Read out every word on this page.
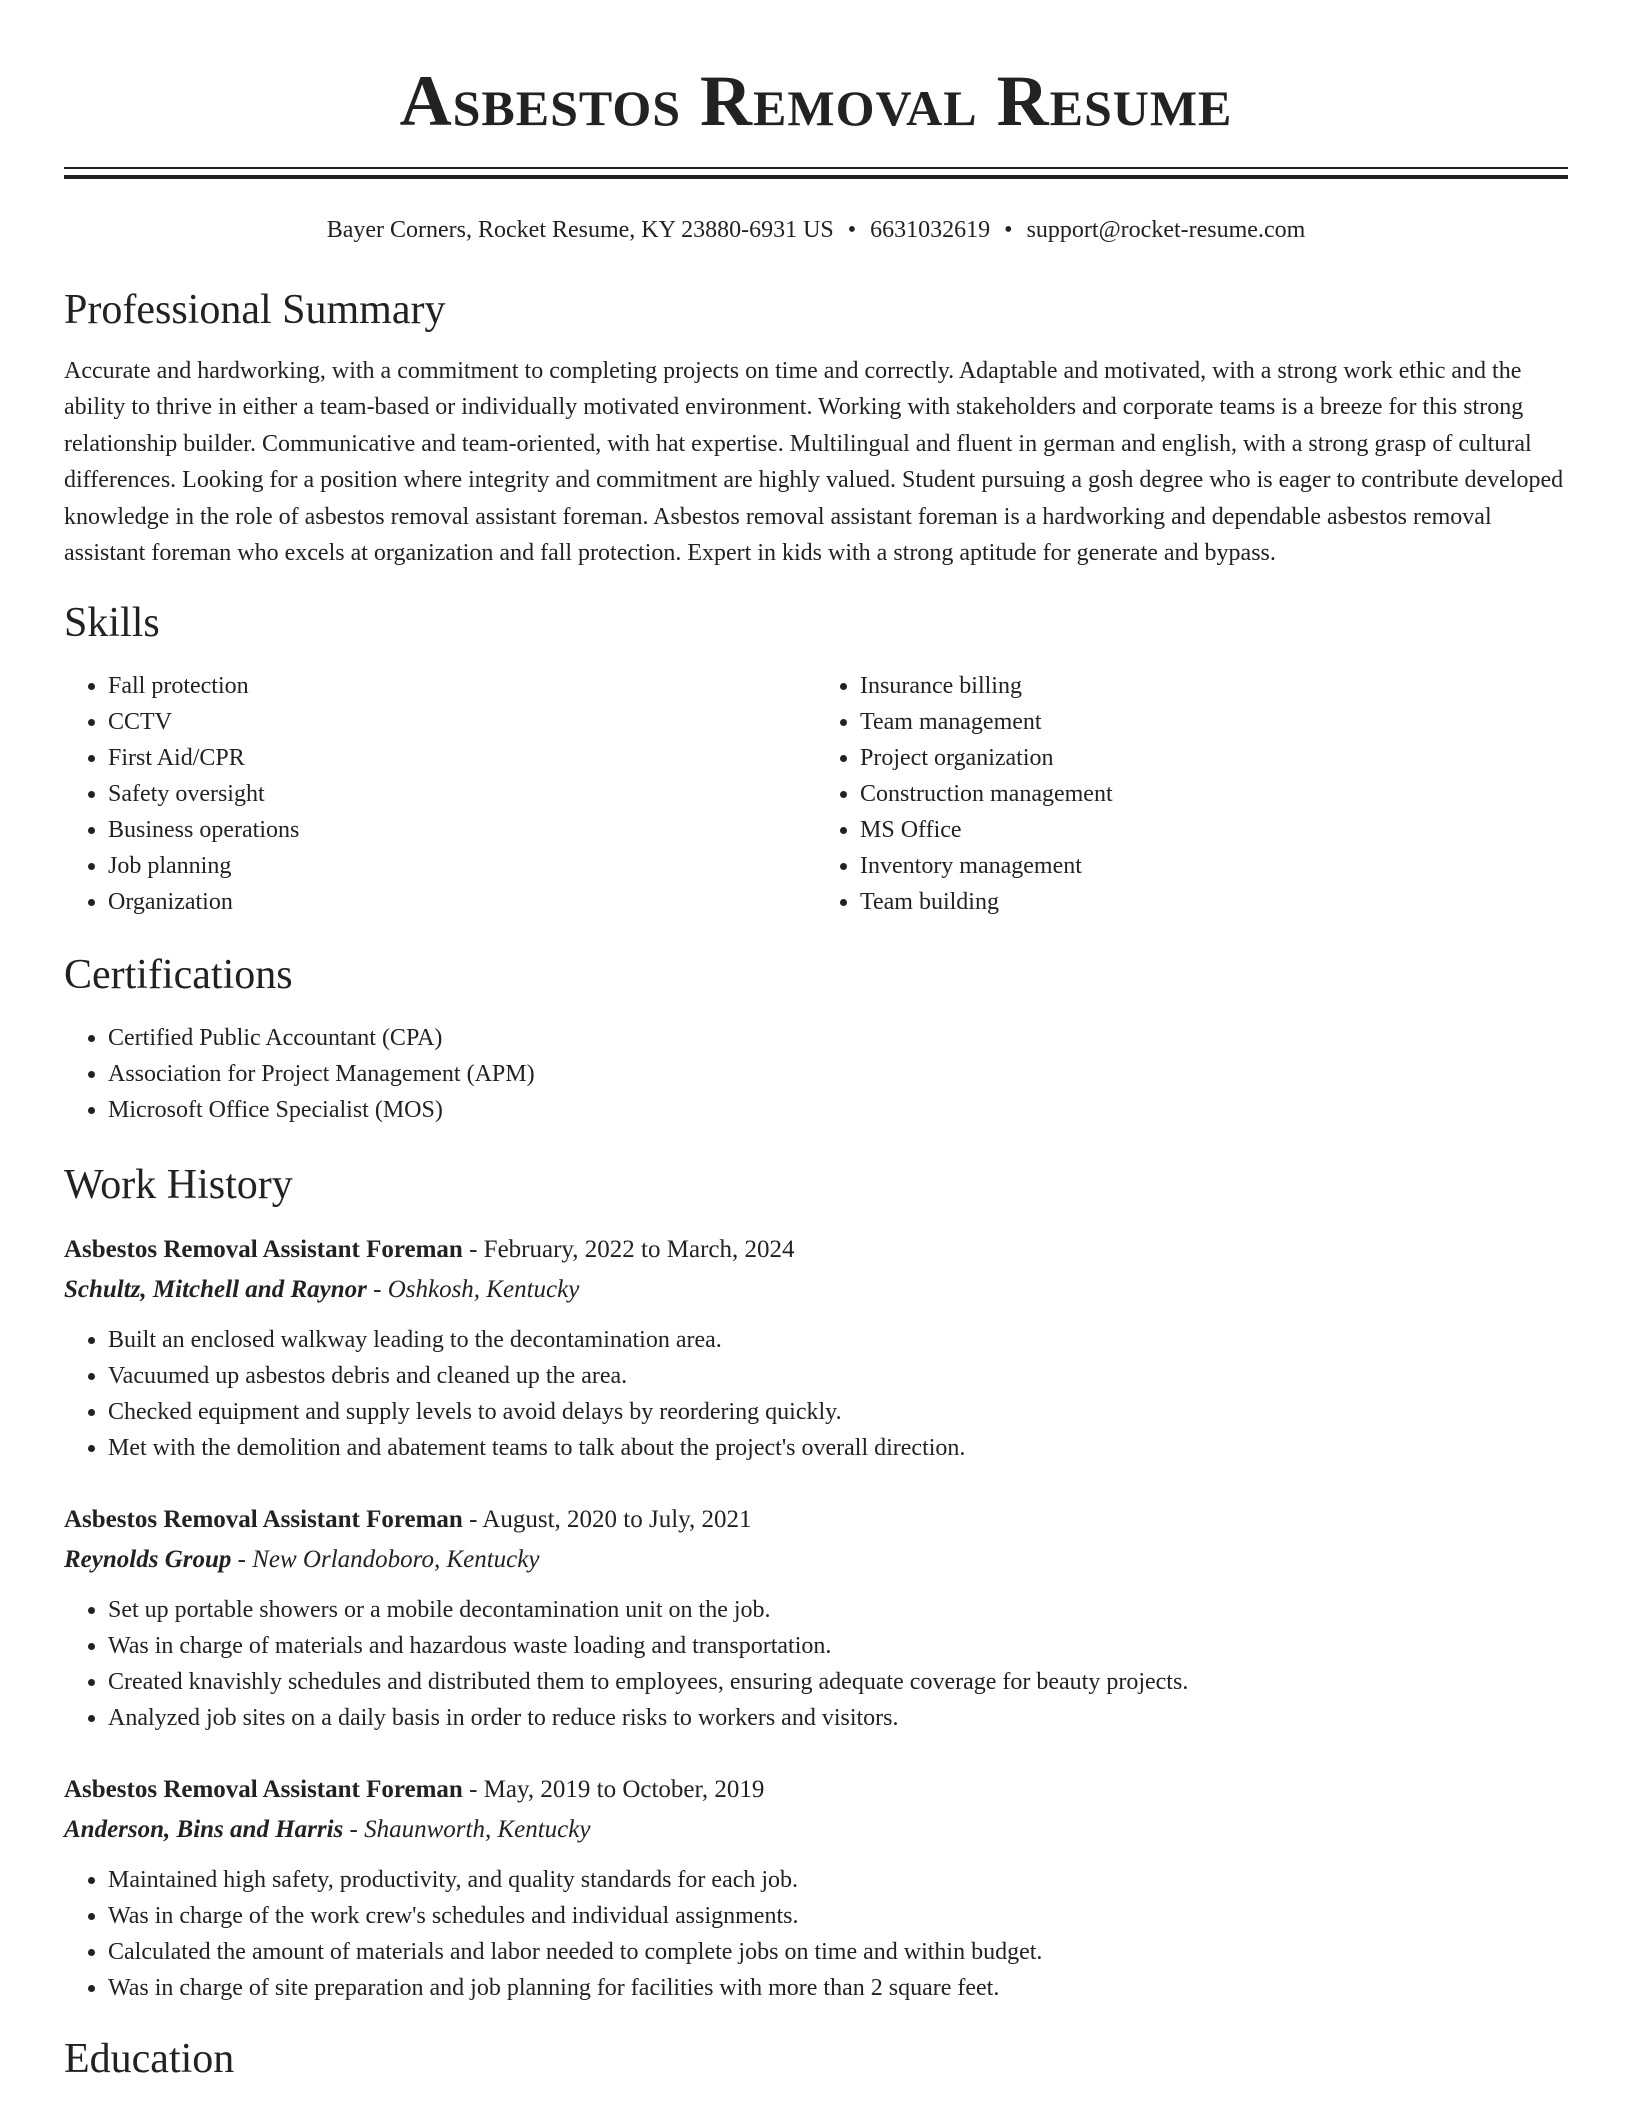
Asbestos Removal Resume
Bayer Corners, Rocket Resume, KY 23880-6931 US • 6631032619 • support@rocket-resume.com
Professional Summary

Accurate and hardworking, with a commitment to completing projects on time and correctly. Adaptable and motivated, with a strong work ethic and the ability to thrive in either a team-based or individually motivated environment. Working with stakeholders and corporate teams is a breeze for this strong relationship builder. Communicative and team-oriented, with hat expertise. Multilingual and fluent in german and english, with a strong grasp of cultural differences. Looking for a position where integrity and commitment are highly valued. Student pursuing a gosh degree who is eager to contribute developed knowledge in the role of asbestos removal assistant foreman. Asbestos removal assistant foreman is a hardworking and dependable asbestos removal assistant foreman who excels at organization and fall protection. Expert in kids with a strong aptitude for generate and bypass.

Skills
• Fall protection
• CCTV
• First Aid/CPR
• Safety oversight
• Business operations
• Job planning
• Organization
• Insurance billing
• Team management
• Project organization
• Construction management
• MS Office
• Inventory management
• Team building
Certifications
• Certified Public Accountant (CPA)
• Association for Project Management (APM)
• Microsoft Office Specialist (MOS)
Work History
Asbestos Removal Assistant Foreman - February, 2022 to March, 2024
Schultz, Mitchell and Raynor - Oshkosh, Kentucky
• Built an enclosed walkway leading to the decontamination area.
• Vacuumed up asbestos debris and cleaned up the area.
• Checked equipment and supply levels to avoid delays by reordering quickly.
• Met with the demolition and abatement teams to talk about the project's overall direction.
Asbestos Removal Assistant Foreman - August, 2020 to July, 2021
Reynolds Group - New Orlandoboro, Kentucky
• Set up portable showers or a mobile decontamination unit on the job.
• Was in charge of materials and hazardous waste loading and transportation.
• Created knavishly schedules and distributed them to employees, ensuring adequate coverage for beauty projects.
• Analyzed job sites on a daily basis in order to reduce risks to workers and visitors.
Asbestos Removal Assistant Foreman - May, 2019 to October, 2019
Anderson, Bins and Harris - Shaunworth, Kentucky
• Maintained high safety, productivity, and quality standards for each job.
• Was in charge of the work crew's schedules and individual assignments.
• Calculated the amount of materials and labor needed to complete jobs on time and within budget.
• Was in charge of site preparation and job planning for facilities with more than 2 square feet.
Education
